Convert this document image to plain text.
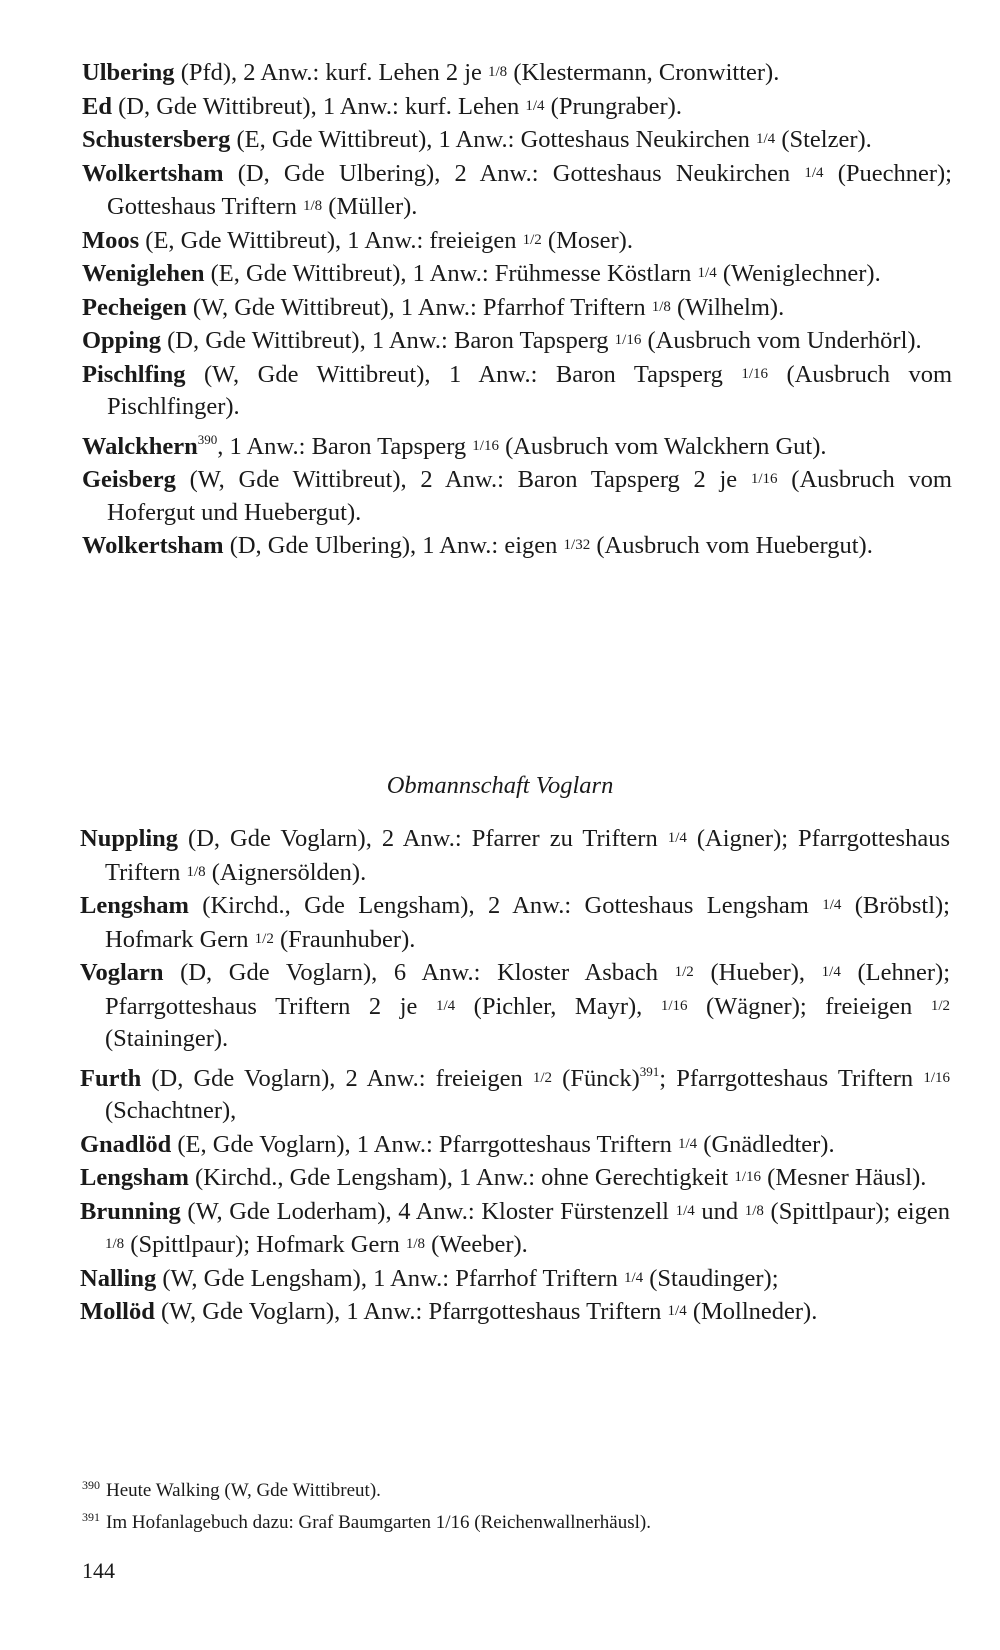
Ulbering (Pfd), 2 Anw.: kurf. Lehen 2 je 1/8 (Klestermann, Cronwitter).

Ed (D, Gde Wittibreut), 1 Anw.: kurf. Lehen 1/4 (Prungraber).

Schustersberg (E, Gde Wittibreut), 1 Anw.: Gotteshaus Neukirchen 1/4 (Stelzer).

Wolkertsham (D, Gde Ulbering), 2 Anw.: Gotteshaus Neukirchen 1/4 (Puechner); Gotteshaus Triftern 1/8 (Müller).

Moos (E, Gde Wittibreut), 1 Anw.: freieigen 1/2 (Moser).

Weniglehen (E, Gde Wittibreut), 1 Anw.: Frühmesse Köstlarn 1/4 (Weniglechner).

Pecheigen (W, Gde Wittibreut), 1 Anw.: Pfarrhof Triftern 1/8 (Wilhelm).

Opping (D, Gde Wittibreut), 1 Anw.: Baron Tapsperg 1/16 (Ausbruch vom Underhörl).

Pischlfing (W, Gde Wittibreut), 1 Anw.: Baron Tapsperg 1/16 (Ausbruch vom Pischlfinger).

Walckhern$^{390}$, 1 Anw.: Baron Tapsperg 1/16 (Ausbruch vom Walckhern Gut).

Geisberg (W, Gde Wittibreut), 2 Anw.: Baron Tapsperg 2 je 1/16 (Ausbruch vom Hofergut und Huebergut).

Wolkertsham (D, Gde Ulbering), 1 Anw.: eigen 1/32 (Ausbruch vom Huebergut).

Obmannschaft Voglarn

Nuppling (D, Gde Voglarn), 2 Anw.: Pfarrer zu Triftern 1/4 (Aigner); Pfarrgotteshaus Triftern 1/8 (Aignersölden).

Lengsham (Kirchd., Gde Lengsham), 2 Anw.: Gotteshaus Lengsham 1/4 (Bröbstl); Hofmark Gern 1/2 (Fraunhuber).

Voglarn (D, Gde Voglarn), 6 Anw.: Kloster Asbach 1/2 (Hueber), 1/4 (Lehner); Pfarrgotteshaus Triftern 2 je 1/4 (Pichler, Mayr), 1/16 (Wägner); freieigen 1/2 (Staininger).

Furth (D, Gde Voglarn), 2 Anw.: freieigen 1/2 (Fünck)$^{391}$; Pfarrgotteshaus Triftern 1/16 (Schachtner),

Gnadlöd (E, Gde Voglarn), 1 Anw.: Pfarrgotteshaus Triftern 1/4 (Gnädledter).

Lengsham (Kirchd., Gde Lengsham), 1 Anw.: ohne Gerechtigkeit 1/16 (Mesner Häusl).

Brunning (W, Gde Loderham), 4 Anw.: Kloster Fürstenzell 1/4 und 1/8 (Spittlpaur); eigen 1/8 (Spittlpaur); Hofmark Gern 1/8 (Weeber).

Nalling (W, Gde Lengsham), 1 Anw.: Pfarrhof Triftern 1/4 (Staudinger);

Mollöd (W, Gde Voglarn), 1 Anw.: Pfarrgotteshaus Triftern 1/4 (Mollneder).

$^{390}$ Heute Walking (W, Gde Wittibreut).
$^{391}$ Im Hofanlagebuch dazu: Graf Baumgarten 1/16 (Reichenwallnerhäusl).
144
